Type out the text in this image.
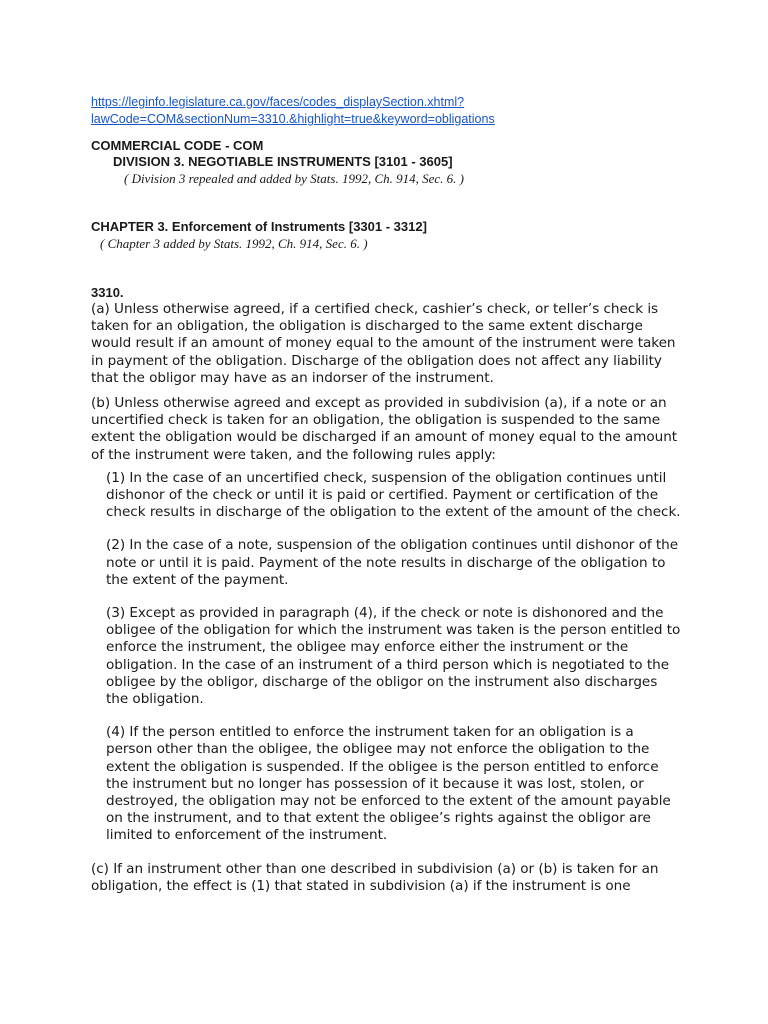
https://leginfo.legislature.ca.gov/faces/codes_displaySection.xhtml?
lawCode=COM&sectionNum=3310.&highlight=true&keyword=obligations
COMMERCIAL CODE - COM
DIVISION 3. NEGOTIABLE INSTRUMENTS [3101 - 3605]
( Division 3 repealed and added by Stats. 1992, Ch. 914, Sec. 6. )
CHAPTER 3. Enforcement of Instruments [3301 - 3312]
( Chapter 3 added by Stats. 1992, Ch. 914, Sec. 6. )
3310.

(a) Unless otherwise agreed, if a certified check, cashier’s check, or teller’s check is taken for an obligation, the obligation is discharged to the same extent discharge would result if an amount of money equal to the amount of the instrument were taken in payment of the obligation. Discharge of the obligation does not affect any liability that the obligor may have as an indorser of the instrument.

(b) Unless otherwise agreed and except as provided in subdivision (a), if a note or an uncertified check is taken for an obligation, the obligation is suspended to the same extent the obligation would be discharged if an amount of money equal to the amount of the instrument were taken, and the following rules apply:

(1) In the case of an uncertified check, suspension of the obligation continues until dishonor of the check or until it is paid or certified. Payment or certification of the check results in discharge of the obligation to the extent of the amount of the check.

(2) In the case of a note, suspension of the obligation continues until dishonor of the note or until it is paid. Payment of the note results in discharge of the obligation to the extent of the payment.

(3) Except as provided in paragraph (4), if the check or note is dishonored and the obligee of the obligation for which the instrument was taken is the person entitled to enforce the instrument, the obligee may enforce either the instrument or the obligation. In the case of an instrument of a third person which is negotiated to the obligee by the obligor, discharge of the obligor on the instrument also discharges the obligation.

(4) If the person entitled to enforce the instrument taken for an obligation is a person other than the obligee, the obligee may not enforce the obligation to the extent the obligation is suspended. If the obligee is the person entitled to enforce the instrument but no longer has possession of it because it was lost, stolen, or destroyed, the obligation may not be enforced to the extent of the amount payable on the instrument, and to that extent the obligee’s rights against the obligor are limited to enforcement of the instrument.

(c) If an instrument other than one described in subdivision (a) or (b) is taken for an obligation, the effect is (1) that stated in subdivision (a) if the instrument is one
